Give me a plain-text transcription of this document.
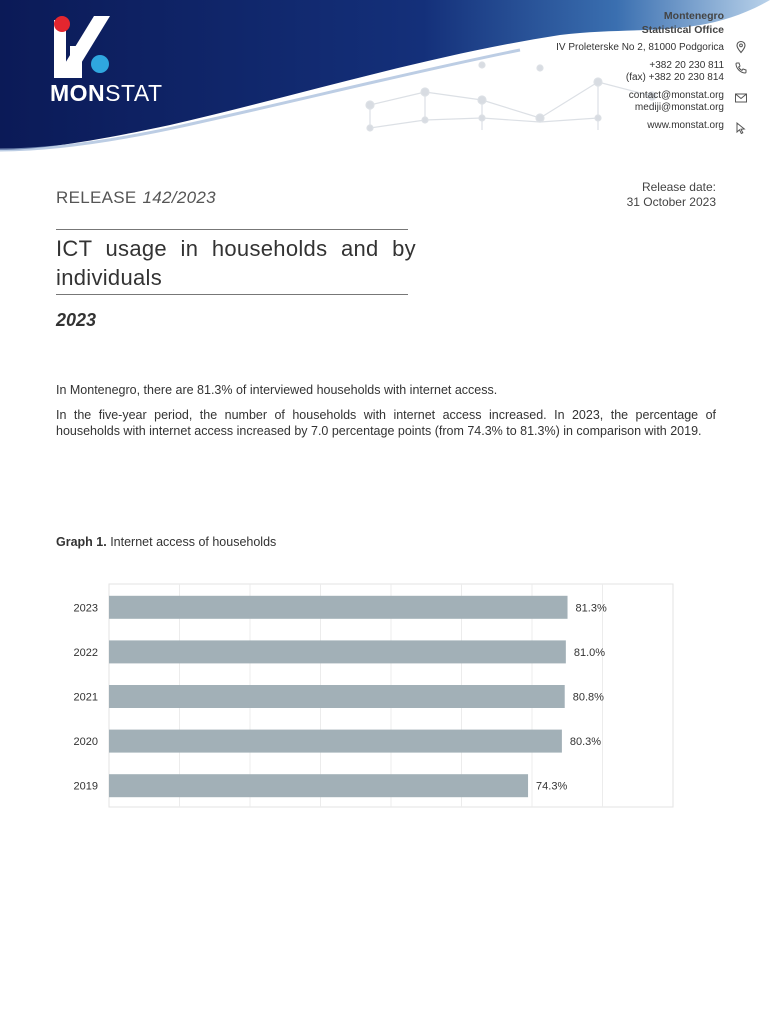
MONSTAT
Montenegro
Statistical Office
IV Proleterske No 2, 81000 Podgorica
+382 20 230 811
(fax) +382 20 230 814
contact@monstat.org
mediji@monstat.org
www.monstat.org
RELEASE 142/2023
Release date:
31 October 2023
ICT usage in households and by individuals
2023
In Montenegro, there are 81.3% of interviewed households with internet access.
In the five-year period, the number of households with internet access increased. In 2023, the percentage of households with internet access increased by 7.0 percentage points (from 74.3% to 81.3%) in comparison with 2019.
Graph 1. Internet access of households
2023	81.3%
2022	81.0%
2021	80.8%
2020	80.3%
2019	74.3%
